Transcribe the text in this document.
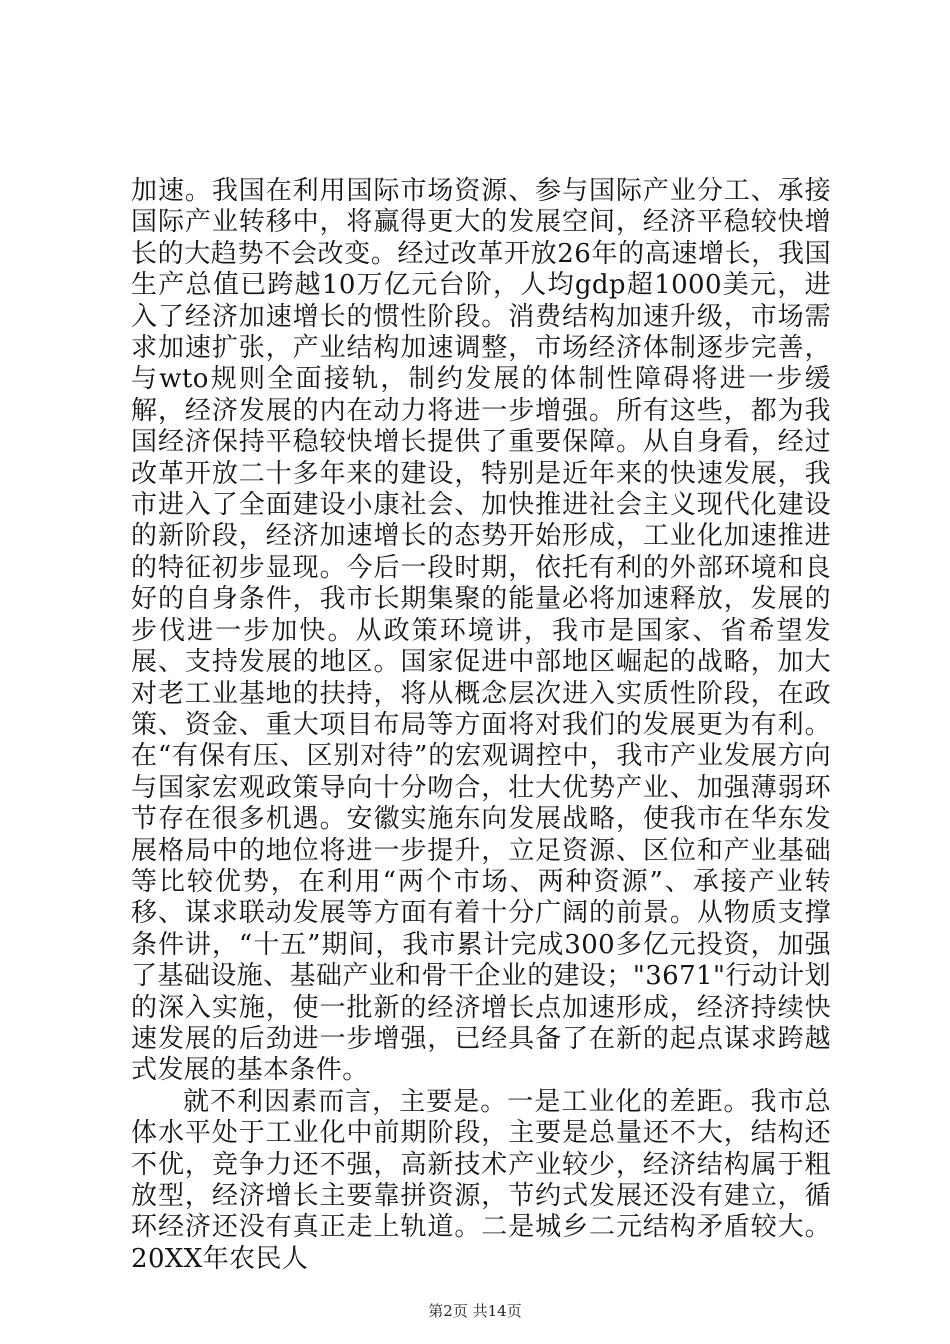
加速。我国在利用国际市场资源、参与国际产业分工、承接国际产业转移中，将赢得更大的发展空间，经济平稳较快增长的大趋势不会改变。经过改革开放26年的高速增长，我国生产总值已跨越10万亿元台阶，人均gdp超1000美元，进入了经济加速增长的惯性阶段。消费结构加速升级，市场需求加速扩张，产业结构加速调整，市场经济体制逐步完善，与wto规则全面接轨，制约发展的体制性障碍将进一步缓解，经济发展的内在动力将进一步增强。所有这些，都为我国经济保持平稳较快增长提供了重要保障。从自身看，经过改革开放二十多年来的建设，特别是近年来的快速发展，我市进入了全面建设小康社会、加快推进社会主义现代化建设的新阶段，经济加速增长的态势开始形成，工业化加速推进的特征初步显现。今后一段时期，依托有利的外部环境和良好的自身条件，我市长期集聚的能量必将加速释放，发展的步伐进一步加快。从政策环境讲，我市是国家、省希望发展、支持发展的地区。国家促进中部地区崛起的战略，加大对老工业基地的扶持，将从概念层次进入实质性阶段，在政策、资金、重大项目布局等方面将对我们的发展更为有利。在“有保有压、区别对待”的宏观调控中，我市产业发展方向与国家宏观政策导向十分吻合，壮大优势产业、加强薄弱环节存在很多机遇。安徽实施东向发展战略，使我市在华东发展格局中的地位将进一步提升，立足资源、区位和产业基础等比较优势，在利用“两个市场、两种资源”、承接产业转移、谋求联动发展等方面有着十分广阔的前景。从物质支撑条件讲，“十五”期间，我市累计完成300多亿元投资，加强了基础设施、基础产业和骨干企业的建设；"3671"行动计划的深入实施，使一批新的经济增长点加速形成，经济持续快速发展的后劲进一步增强，已经具备了在新的起点谋求跨越式发展的基本条件。

就不利因素而言，主要是。一是工业化的差距。我市总体水平处于工业化中前期阶段，主要是总量还不大，结构还不优，竞争力还不强，高新技术产业较少，经济结构属于粗放型，经济增长主要靠拼资源，节约式发展还没有建立，循环经济还没有真正走上轨道。二是城乡二元结构矛盾较大。20XX年农民人

第2页 共14页
